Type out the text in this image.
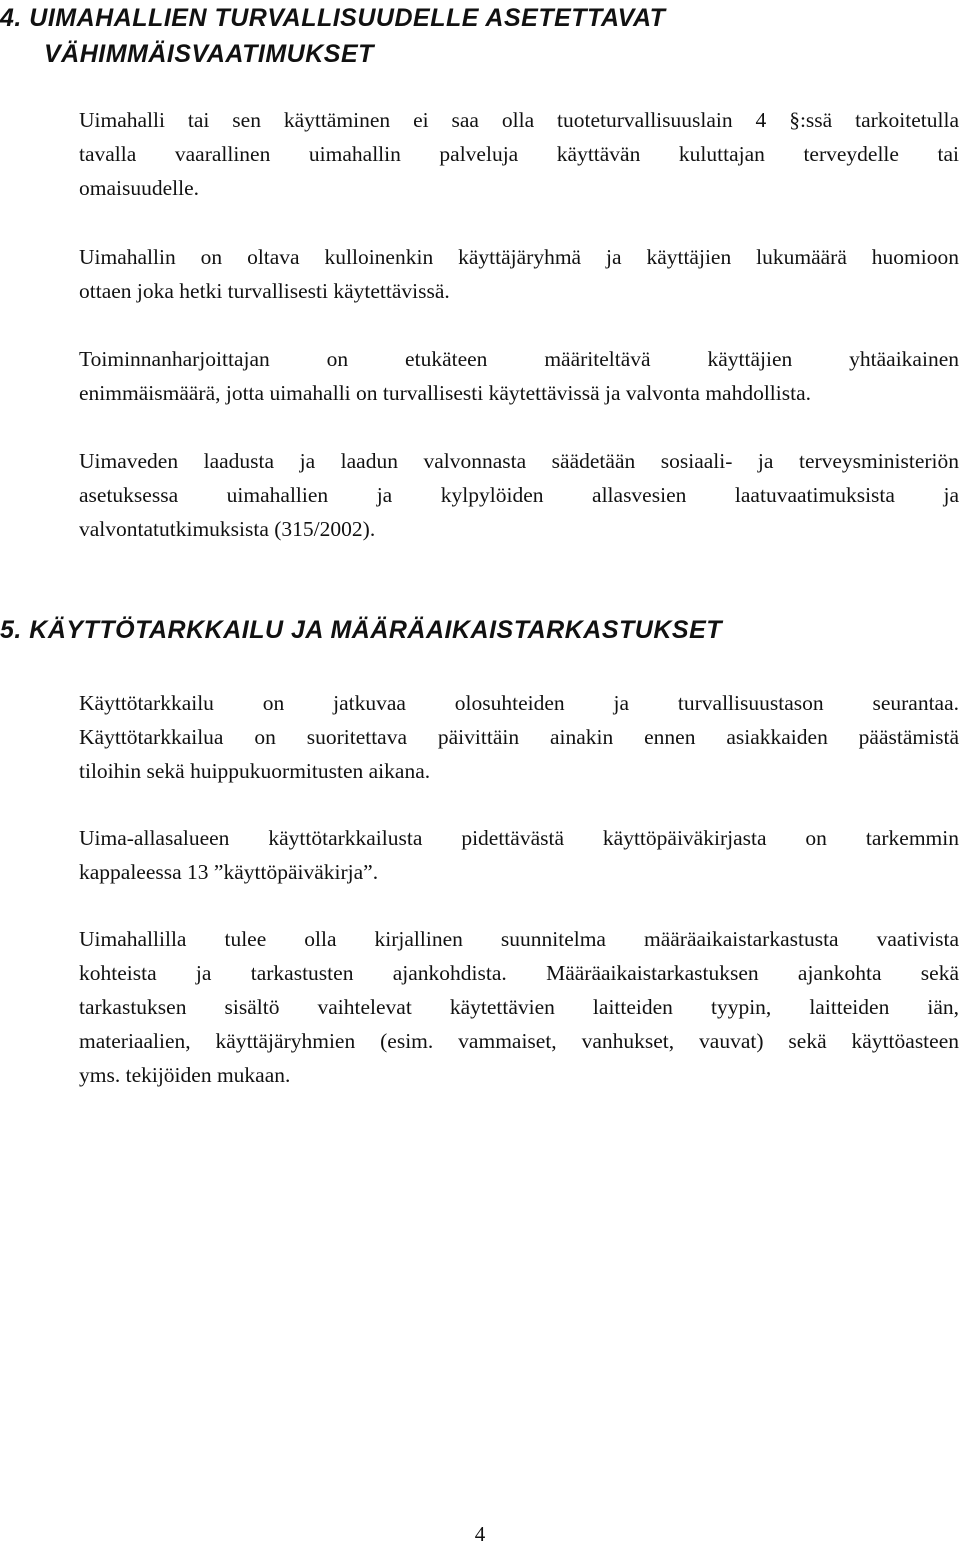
4. UIMAHALLIEN TURVALLISUUDELLE ASETETTAVAT
VÄHIMMÄISVAATIMUKSET

Uimahalli tai sen käyttäminen ei saa olla tuoteturvallisuuslain 4 §:ssä tarkoitetulla
tavalla vaarallinen uimahallin palveluja käyttävän kuluttajan terveydelle tai
omaisuudelle.

Uimahallin on oltava kulloinenkin käyttäjäryhmä ja käyttäjien lukumäärä huomioon
ottaen joka hetki turvallisesti käytettävissä.

Toiminnanharjoittajan on etukäteen määriteltävä käyttäjien yhtäaikainen
enimmäismäärä, jotta uimahalli on turvallisesti käytettävissä ja valvonta mahdollista.

Uimaveden laadusta ja laadun valvonnasta säädetään sosiaali- ja terveysministeriön
asetuksessa uimahallien ja kylpylöiden allasvesien laatuvaatimuksista ja
valvontatutkimuksista (315/2002).

5. KÄYTTÖTARKKAILU JA MÄÄRÄAIKAISTARKASTUKSET

Käyttötarkkailu on jatkuvaa olosuhteiden ja turvallisuustason seurantaa.
Käyttötarkkailua on suoritettava päivittäin ainakin ennen asiakkaiden päästämistä
tiloihin sekä huippukuormitusten aikana.

Uima-allasalueen käyttötarkkailusta pidettävästä käyttöpäiväkirjasta on tarkemmin
kappaleessa 13 ”käyttöpäiväkirja”.

Uimahallilla tulee olla kirjallinen suunnitelma määräaikaistarkastusta vaativista
kohteista ja tarkastusten ajankohdista. Määräaikaistarkastuksen ajankohta sekä
tarkastuksen sisältö vaihtelevat käytettävien laitteiden tyypin, laitteiden iän,
materiaalien, käyttäjäryhmien (esim. vammaiset, vanhukset, vauvat) sekä käyttöasteen
yms. tekijöiden mukaan.

4
